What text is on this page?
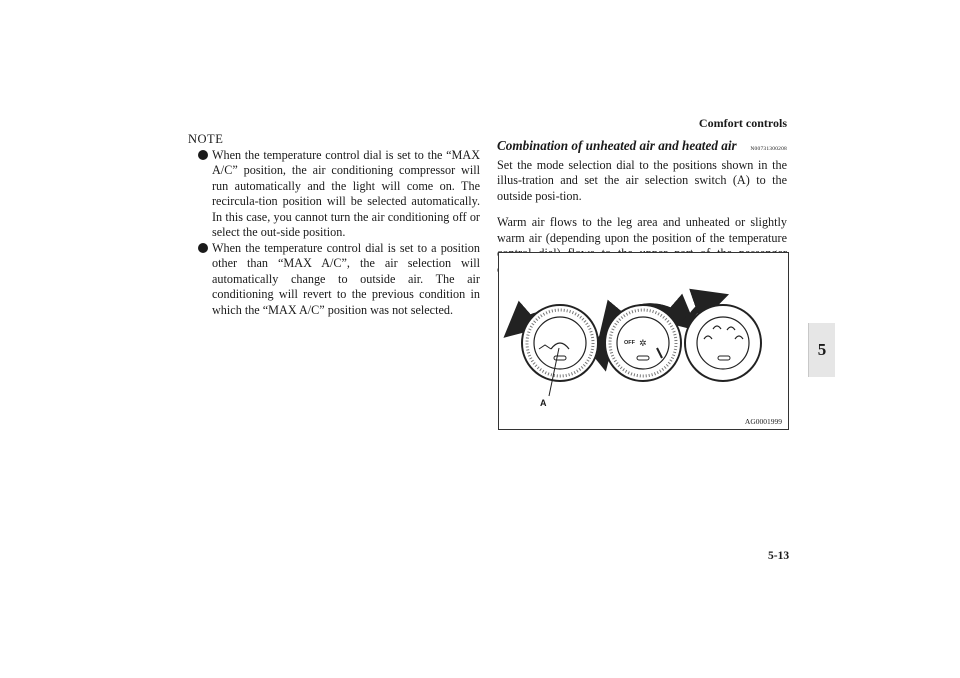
Comfort controls
5
NOTE
When the temperature control dial is set to the “MAX A/C” position, the air conditioning compressor will run automatically and the light will come on. The recircula-tion position will be selected automatically. In this case, you cannot turn the air conditioning off or select the out-side position.
When the temperature control dial is set to a position other than “MAX A/C”, the air selection will automatically change to outside air. The air conditioning will revert to the previous condition in which the “MAX A/C” position was not selected.
Combination of unheated air and heated air	N00731300208

Set the mode selection dial to the positions shown in the illus-tration and set the air selection switch (A) to the outside posi-tion.

Warm air flows to the leg area and unheated or slightly warm air (depending upon the position of the temperature

OFF ✲
A
AG0001999
5-13
